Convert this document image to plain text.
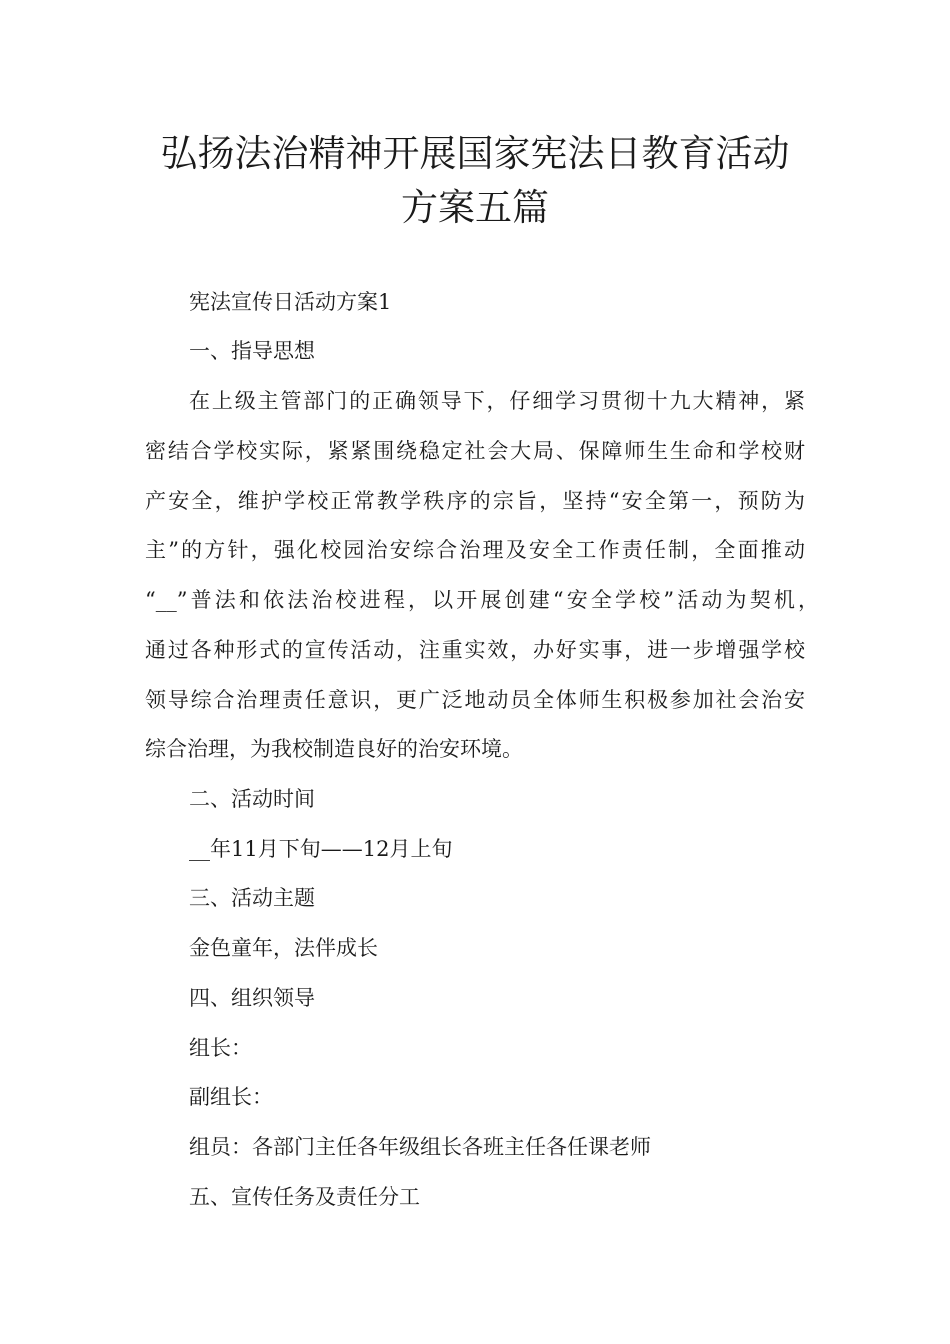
弘扬法治精神开展国家宪法日教育活动
方案五篇

宪法宣传日活动方案1

一、指导思想

在上级主管部门的正确领导下，仔细学习贯彻十九大精神，紧

密结合学校实际，紧紧围绕稳定社会大局、保障师生生命和学校财

产安全，维护学校正常教学秩序的宗旨，坚持“安全第一，预防为

主”的方针，强化校园治安综合治理及安全工作责任制，全面推动

“__”普法和依法治校进程，以开展创建“安全学校”活动为契机，

通过各种形式的宣传活动，注重实效，办好实事，进一步增强学校

领导综合治理责任意识，更广泛地动员全体师生积极参加社会治安

综合治理，为我校制造良好的治安环境。

二、活动时间

__年11月下旬——12月上旬

三、活动主题

金色童年，法伴成长

四、组织领导

组长：

副组长：

组员：各部门主任各年级组长各班主任各任课老师

五、宣传任务及责任分工
